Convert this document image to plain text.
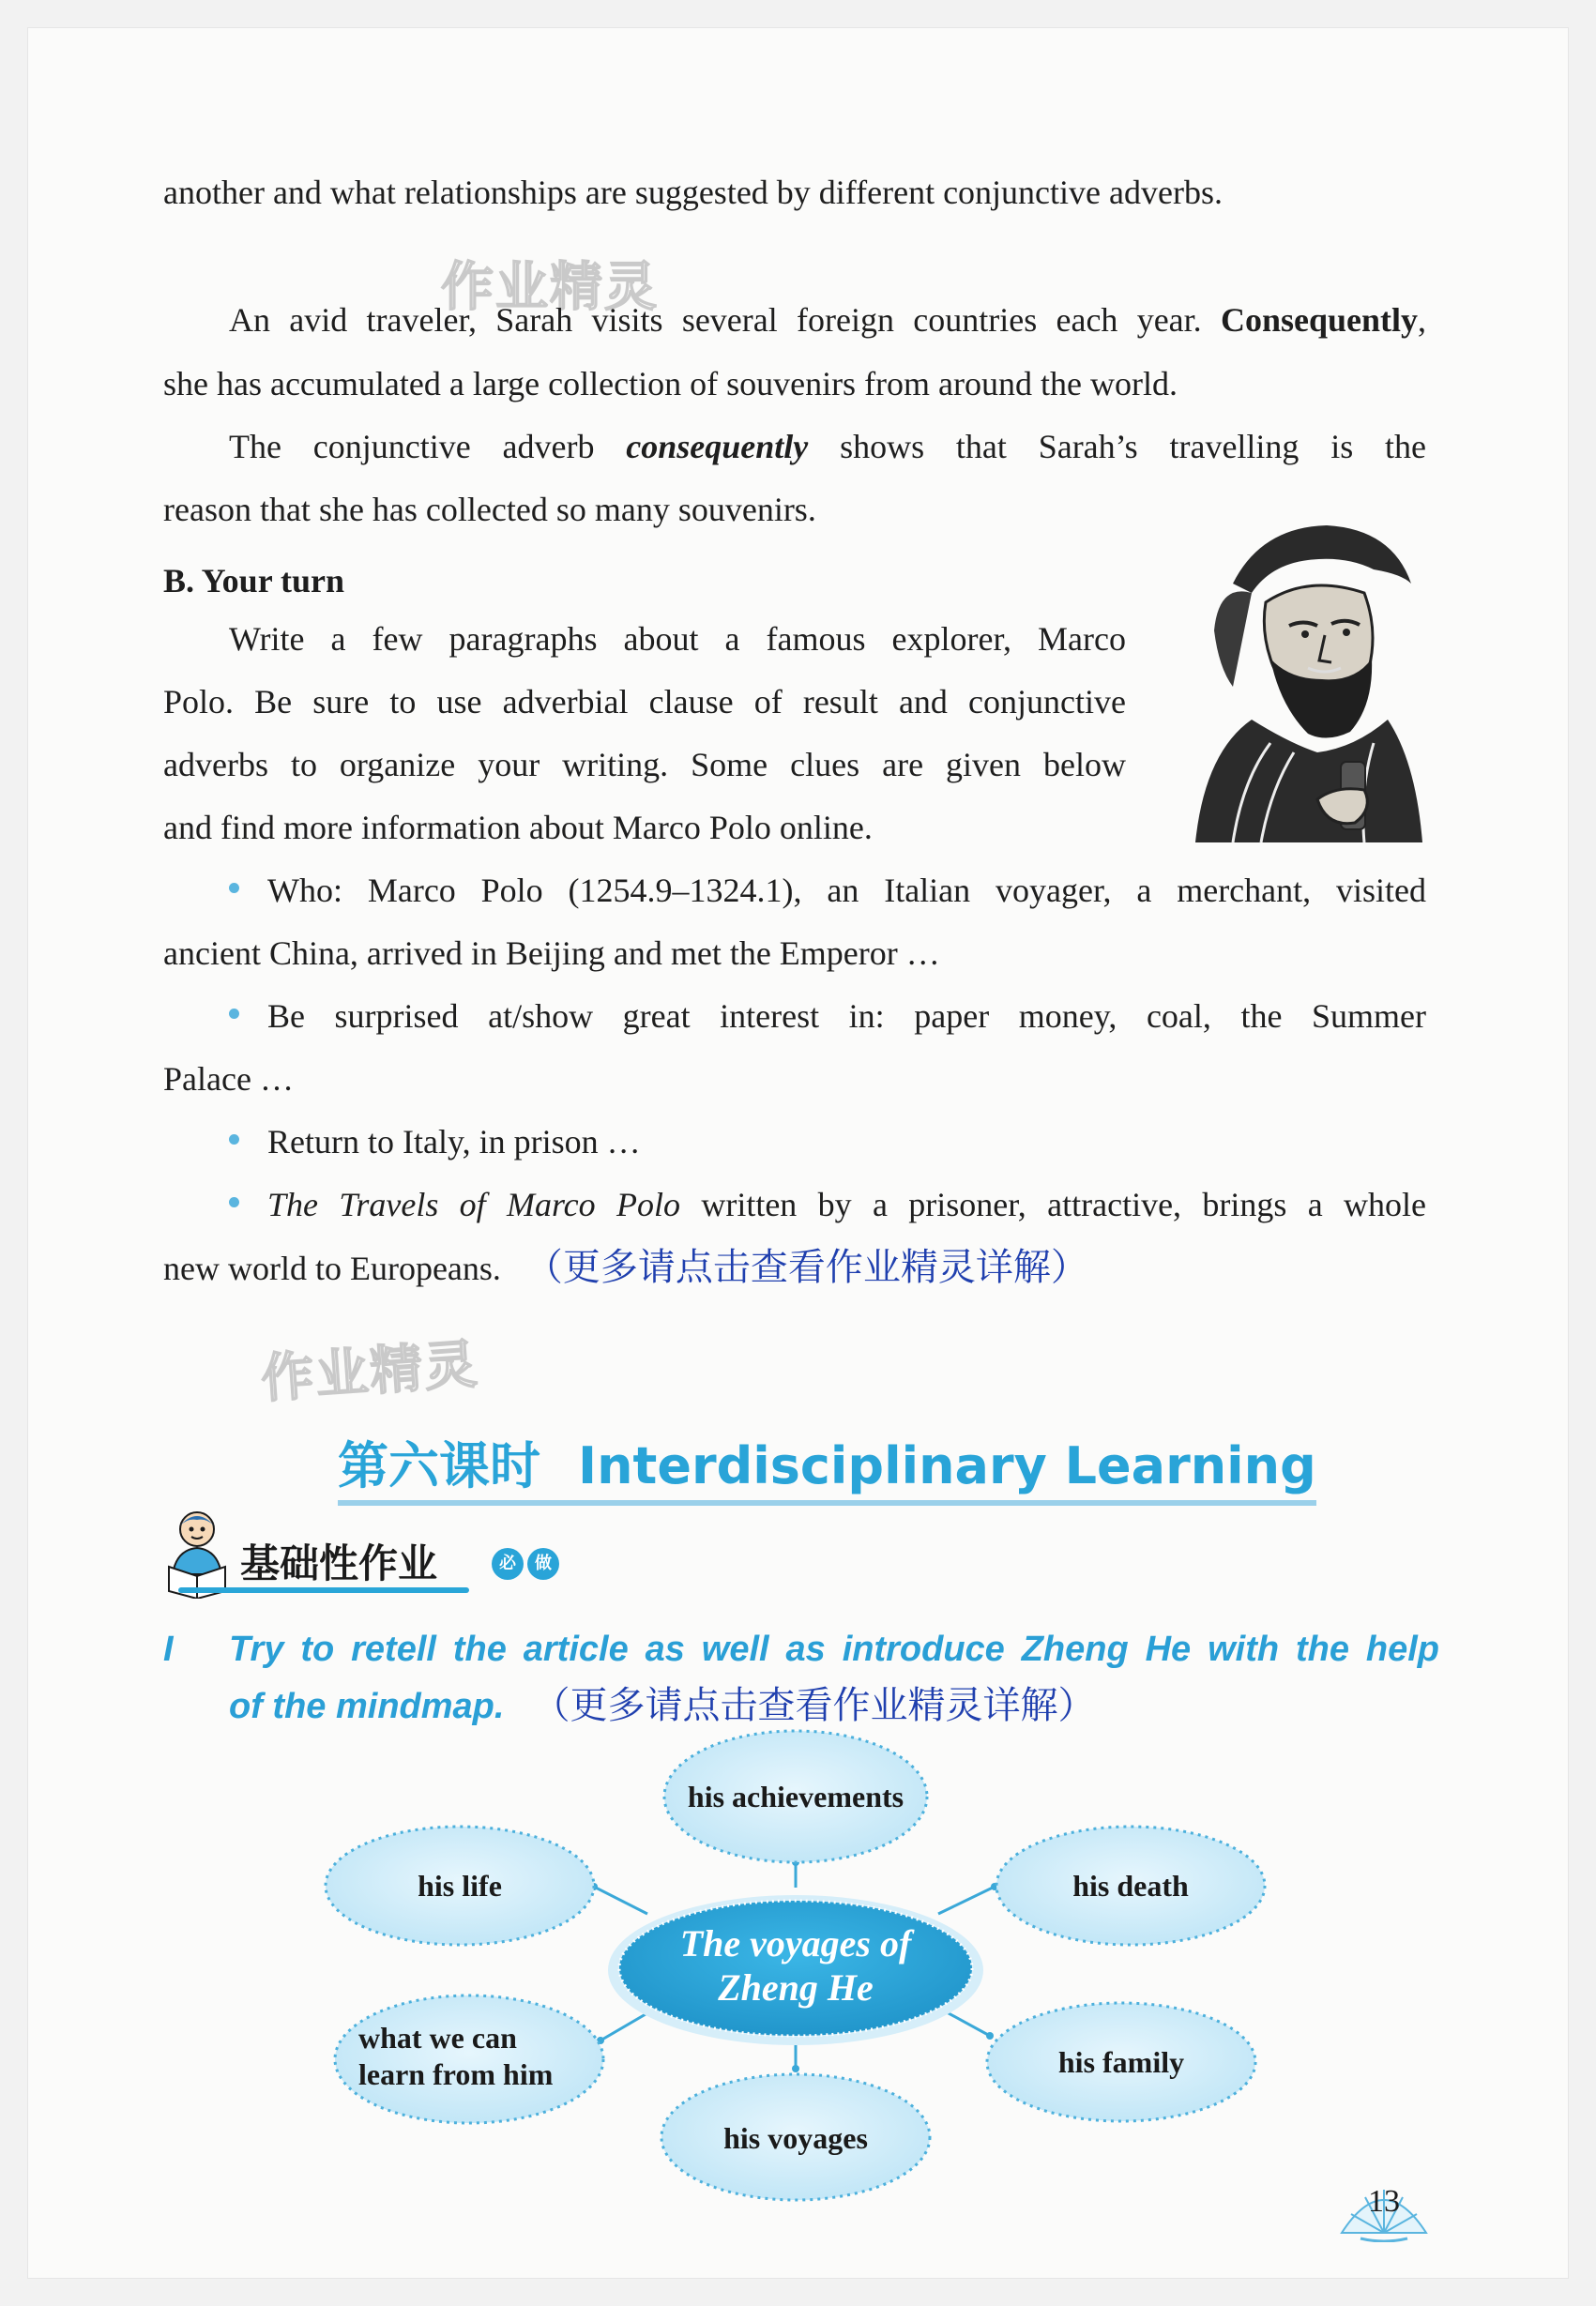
作业精灵
作业精灵
another and what relationships are suggested by different conjunctive adverbs.
An avid traveler, Sarah visits several foreign countries each year. Consequently,
she has accumulated a large collection of souvenirs from around the world.
The conjunctive adverb consequently shows that Sarah’s travelling is the
reason that she has collected so many souvenirs.
B. Your turn
Write a few paragraphs about a famous explorer, Marco
Polo. Be sure to use adverbial clause of result and conjunctive
adverbs to organize your writing. Some clues are given below
and find more information about Marco Polo online.
Who: Marco Polo (1254.9–1324.1), an Italian voyager, a merchant, visited
ancient China, arrived in Beijing and met the Emperor …
Be surprised at/show great interest in: paper money, coal, the Summer
Palace …
Return to Italy, in prison …
The Travels of Marco Polo written by a prisoner, attractive, brings a whole
new world to Europeans. （更多请点击查看作业精灵详解）
第六课时 Interdisciplinary Learning
基础性作业	必	做
I Try to retell the article as well as introduce Zheng He with the help
of the mindmap. （更多请点击查看作业精灵详解）
his achievements
his life	his death
what we can
learn from him	his family
his voyages
The voyages of
Zheng He
13
